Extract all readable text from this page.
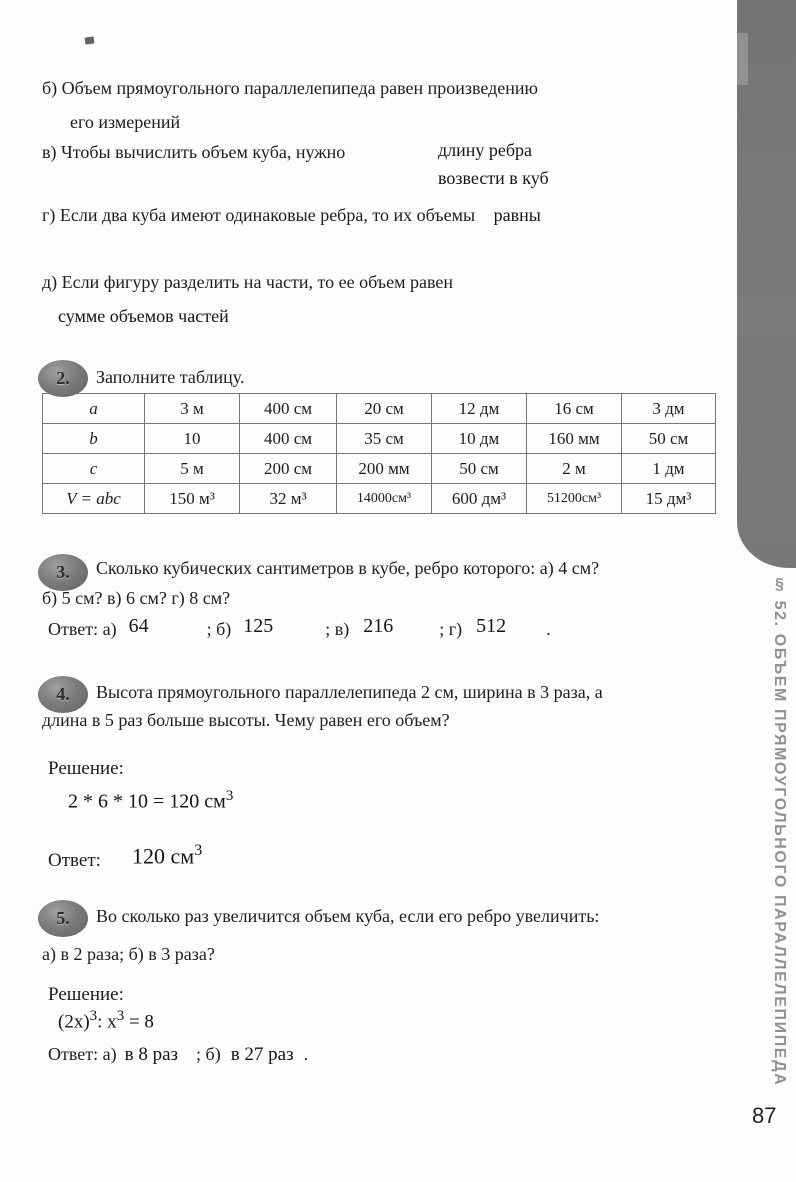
б) Объем прямоугольного параллелепипеда равен произведению
его измерений
в) Чтобы вычислить объем куба, нужно	длину ребра
возвести в куб
г) Если два куба имеют одинаковые ребра, то их объемы равны
д) Если фигуру разделить на части, то ее объем равен
сумме объемов частей
2. Заполните таблицу.
a	3 м	400 см	20 см	12 дм	16 см	3 дм
b	10	400 см	35 см	10 дм	160 мм	50 см
c	5 м	200 см	200 мм	50 см	2 м	1 дм
V = abc	150 м³	32 м³	14000см³	600 дм³	51200см³	15 дм³
3. Сколько кубических сантиметров в кубе, ребро которого: а) 4 см?
б) 5 см? в) 6 см? г) 8 см?
Ответ: а) 64	; б) 125	; в) 216	; г) 512 .
4. Высота прямоугольного параллелепипеда 2 см, ширина в 3 раза, а
длина в 5 раз больше высоты. Чему равен его объем?
Решение:
2 * 6 * 10 = 120 $см^3$
Ответ: 120 $см^3$
5. Во сколько раз увеличится объем куба, если его ребро увеличить:
а) в 2 раза; б) в 3 раза?
Решение:
$(2x)^3$: $x^3 = 8$
Ответ: а) в 8 раз ; б) в 27 раз .	§ 52. ОБЪЕМ ПРЯМОУГОЛЬНОГО ПАРАЛЛЕЛЕПИПЕДА
87
